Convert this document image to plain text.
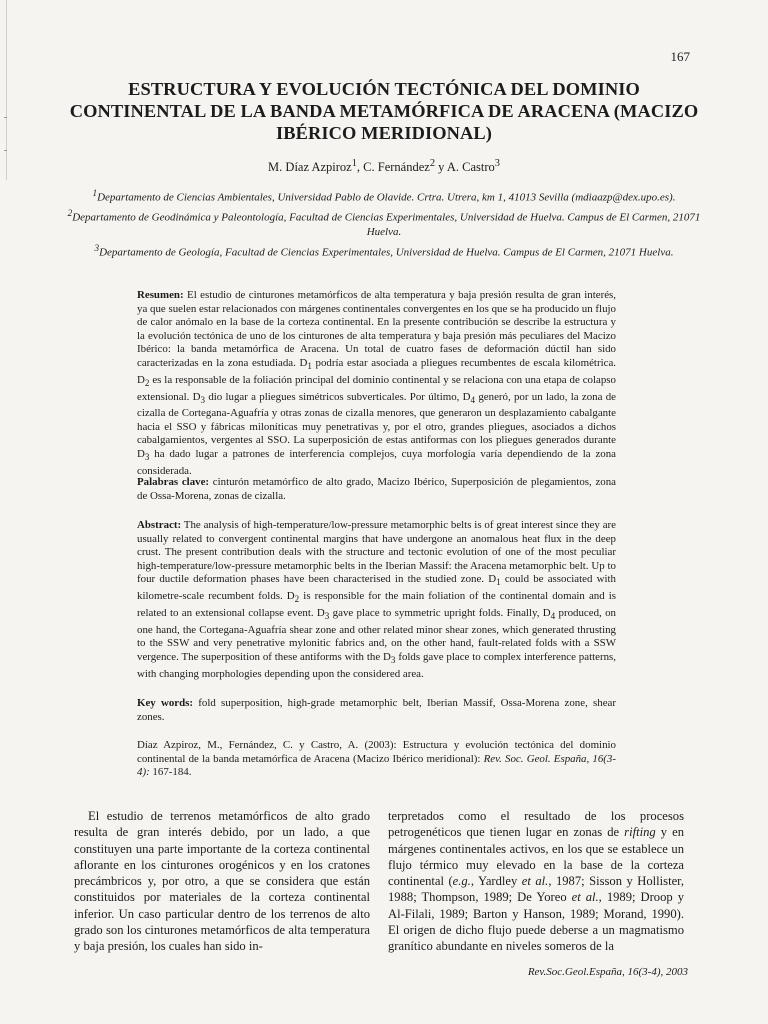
167
ESTRUCTURA Y EVOLUCIÓN TECTÓNICA DEL DOMINIO CONTINENTAL DE LA BANDA METAMÓRFICA DE ARACENA (MACIZO IBÉRICO MERIDIONAL)
M. Díaz Azpiroz$^1$, C. Fernández$^2$ y A. Castro$^3$

$^1$Departamento de Ciencias Ambientales, Universidad Pablo de Olavide. Crtra. Utrera, km 1, 41013 Sevilla (mdiaazp@dex.upo.es).

$^2$Departamento de Geodinámica y Paleontología, Facultad de Ciencias Experimentales, Universidad de Huelva. Campus de El Carmen, 21071 Huelva.

$^3$Departamento de Geología, Facultad de Ciencias Experimentales, Universidad de Huelva. Campus de El Carmen, 21071 Huelva.

Resumen: El estudio de cinturones metamórficos de alta temperatura y baja presión resulta de gran interés, ya que suelen estar relacionados con márgenes continentales convergentes en los que se ha producido un flujo de calor anómalo en la base de la corteza continental. En la presente contribución se describe la estructura y la evolución tectónica de uno de los cinturones de alta temperatura y baja presión más peculiares del Macizo Ibérico: la banda metamórfica de Aracena. Un total de cuatro fases de deformación dúctil han sido caracterizadas en la zona estudiada. $D_1$ podría estar asociada a pliegues recumbentes de escala kilométrica. $D_2$ es la responsable de la foliación principal del dominio continental y se relaciona con una etapa de colapso extensional. $D_3$ dio lugar a pliegues simétricos subverticales. Por último, $D_4$ generó, por un lado, la zona de cizalla de Cortegana-Aguafría y otras zonas de cizalla menores, que generaron un desplazamiento cabalgante hacia el SSO y fábricas miloníticas muy penetrativas y, por el otro, grandes pliegues, asociados a dichos cabalgamientos, vergentes al SSO. La superposición de estas antiformas con los pliegues generados durante $D_3$ ha dado lugar a patrones de interferencia complejos, cuya morfología varía dependiendo de la zona considerada.

Palabras clave: cinturón metamórfico de alto grado, Macizo Ibérico, Superposición de plegamientos, zona de Ossa-Morena, zonas de cizalla.

Abstract: The analysis of high-temperature/low-pressure metamorphic belts is of great interest since they are usually related to convergent continental margins that have undergone an anomalous heat flux in the deep crust. The present contribution deals with the structure and tectonic evolution of one of the most peculiar high-temperature/low-pressure metamorphic belts in the Iberian Massif: the Aracena metamorphic belt. Up to four ductile deformation phases have been characterised in the studied zone. $D_1$ could be associated with kilometre-scale recumbent folds. $D_2$ is responsible for the main foliation of the continental domain and is related to an extensional collapse event. $D_3$ gave place to symmetric upright folds. Finally, $D_4$ produced, on one hand, the Cortegana-Aguafría shear zone and other related minor shear zones, which generated thrusting to the SSW and very penetrative mylonitic fabrics and, on the other hand, fault-related folds with a SSW vergence. The superposition of these antiforms with the $D_3$ folds gave place to complex interference patterns, with changing morphologies depending upon the considered area.

Key words: fold superposition, high-grade metamorphic belt, Iberian Massif, Ossa-Morena zone, shear zones.

Díaz Azpiroz, M., Fernández, C. y Castro, A. (2003): Estructura y evolución tectónica del dominio continental de la banda metamórfica de Aracena (Macizo Ibérico meridional): Rev. Soc. Geol. España, 16(3-4): 167-184.

El estudio de terrenos metamórficos de alto grado resulta de gran interés debido, por un lado, a que constituyen una parte importante de la corteza continental aflorante en los cinturones orogénicos y en los cratones precámbricos y, por otro, a que se considera que están constituidos por materiales de la corteza continental inferior. Un caso particular dentro de los terrenos de alto grado son los cinturones metamórficos de alta temperatura y baja presión, los cuales han sido in-
terpretados como el resultado de los procesos petrogenéticos que tienen lugar en zonas de rifting y en márgenes continentales activos, en los que se establece un flujo térmico muy elevado en la base de la corteza continental (e.g., Yardley et al., 1987; Sisson y Hollister, 1988; Thompson, 1989; De Yoreo et al., 1989; Droop y Al-Filali, 1989; Barton y Hanson, 1989; Morand, 1990). El origen de dicho flujo puede deberse a un magmatismo granítico abundante en niveles someros de la
Rev.Soc.Geol.España, 16(3-4), 2003
